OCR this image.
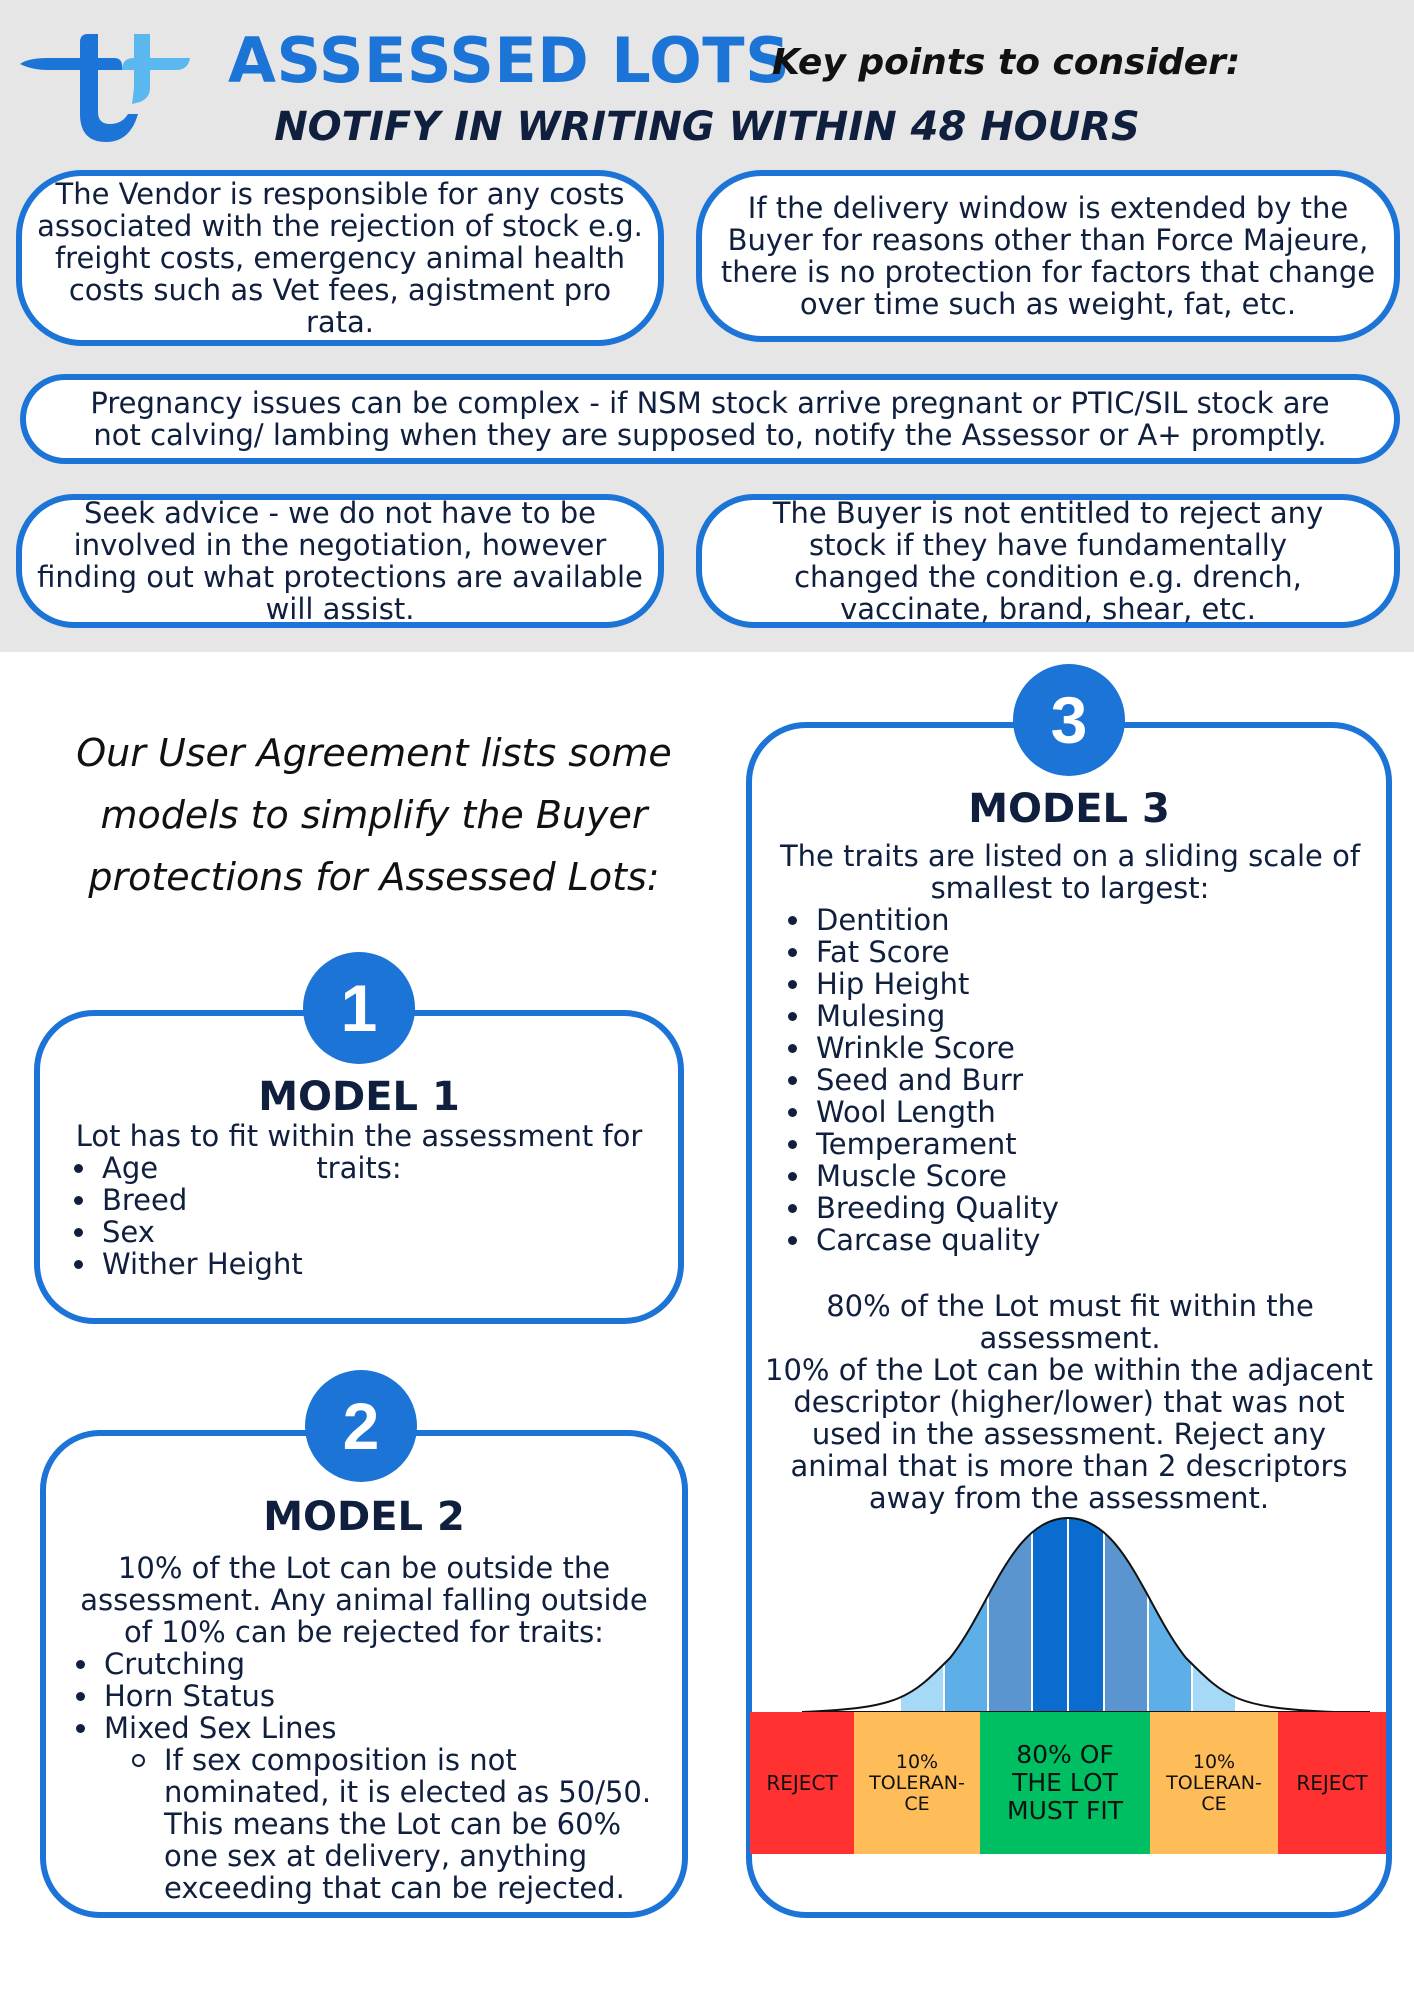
ASSESSED LOTS
Key points to consider:
NOTIFY IN WRITING WITHIN 48 HOURS
The Vendor is responsible for any costs associated with the rejection of stock e.g. freight costs, emergency animal health costs such as Vet fees, agistment pro rata.
If the delivery window is extended by the Buyer for reasons other than Force Majeure, there is no protection for factors that change over time such as weight, fat, etc.
Pregnancy issues can be complex - if NSM stock arrive pregnant or PTIC/SIL stock are not calving/ lambing when they are supposed to, notify the Assessor or A+ promptly.
Seek advice - we do not have to be involved in the negotiation, however finding out what protections are available will assist.
The Buyer is not entitled to reject any stock if they have fundamentally changed the condition e.g. drench, vaccinate, brand, shear, etc.
Our User Agreement lists some models to simplify the Buyer protections for Assessed Lots:
1
MODEL 1
Lot has to fit within the assessment for traits:
Age
Breed
Sex
Wither Height
2
MODEL 2
10% of the Lot can be outside the assessment. Any animal falling outside of 10% can be rejected for traits:
Crutching
Horn Status
Mixed Sex Lines
If sex composition is not nominated, it is elected as 50/50. This means the Lot can be 60% one sex at delivery, anything exceeding that can be rejected.
3
MODEL 3
The traits are listed on a sliding scale of smallest to largest:
Dentition
Fat Score
Hip Height
Mulesing
Wrinkle Score
Seed and Burr
Wool Length
Temperament
Muscle Score
Breeding Quality
Carcase quality
80% of the Lot must fit within the assessment.
10% of the Lot can be within the adjacent descriptor (higher/lower) that was not used in the assessment. Reject any animal that is more than 2 descriptors away from the assessment.
REJECT
10% TOLERAN-CE
80% OF THE LOT MUST FIT
10% TOLERAN-CE
REJECT
